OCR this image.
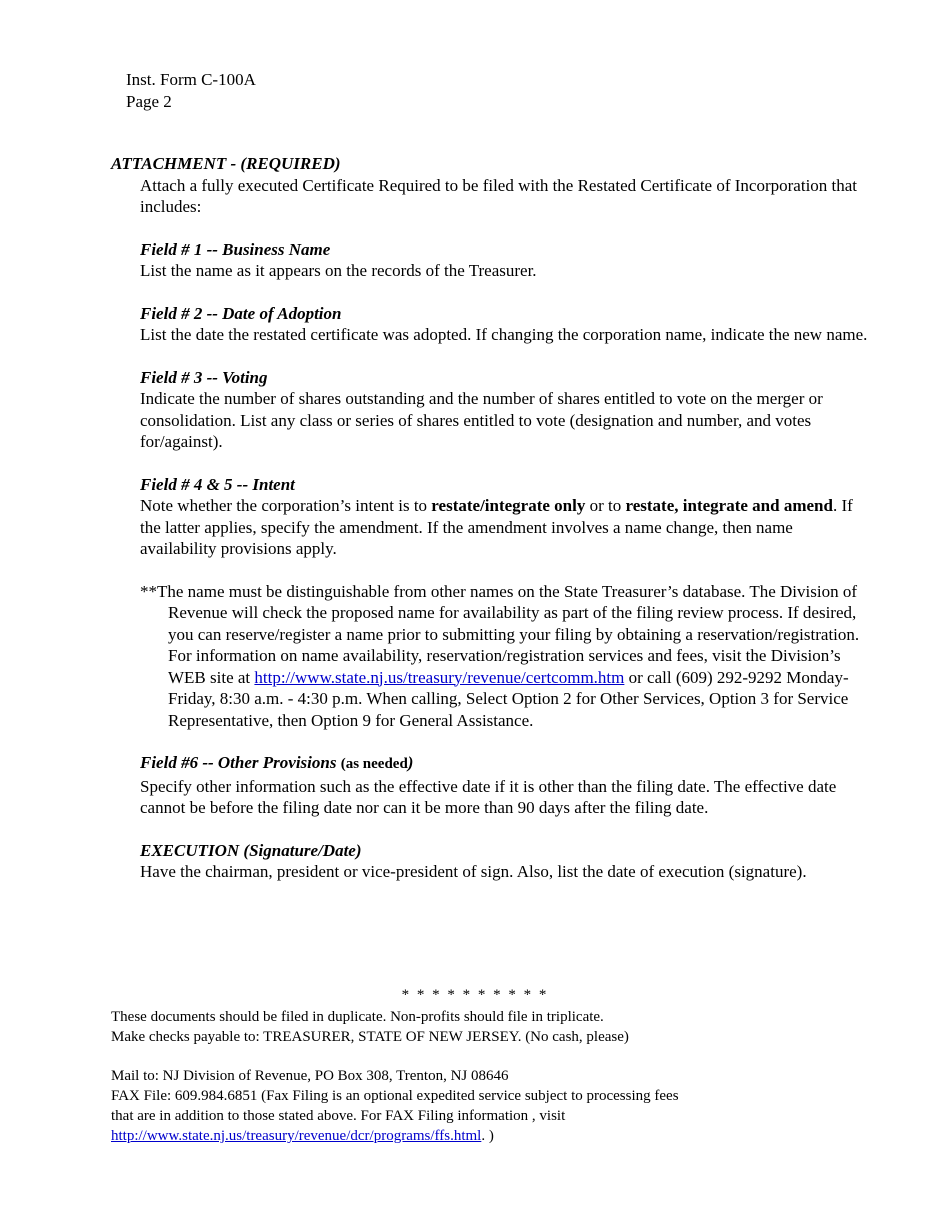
Inst. Form C-100A
Page 2
ATTACHMENT - (REQUIRED)
Attach a fully executed Certificate Required to be filed with the Restated Certificate of Incorporation that includes:
Field # 1 -- Business Name
List the name as it appears on the records of the Treasurer.
Field # 2 -- Date of Adoption
List the date the restated certificate was adopted. If changing the corporation name, indicate the new name.
Field # 3 -- Voting
Indicate the number of shares outstanding and the number of shares entitled to vote on the merger or consolidation. List any class or series of shares entitled to vote (designation and number, and votes for/against).
Field # 4 & 5 -- Intent
Note whether the corporation’s intent is to restate/integrate only or to restate, integrate and amend. If the latter applies, specify the amendment. If the amendment involves a name change, then name availability provisions apply.
**The name must be distinguishable from other names on the State Treasurer’s database. The Division of Revenue will check the proposed name for availability as part of the filing review process. If desired, you can reserve/register a name prior to submitting your filing by obtaining a reservation/registration. For information on name availability, reservation/registration services and fees, visit the Division’s WEB site at http://www.state.nj.us/treasury/revenue/certcomm.htm or call (609) 292-9292 Monday-Friday, 8:30 a.m. - 4:30 p.m. When calling, Select Option 2 for Other Services, Option 3 for Service Representative, then Option 9 for General Assistance.
Field #6 -- Other Provisions (as needed)
Specify other information such as the effective date if it is other than the filing date. The effective date cannot be before the filing date nor can it be more than 90 days after the filing date.
EXECUTION (Signature/Date)
Have the chairman, president or vice-president of sign. Also, list the date of execution (signature).
* * * * * * * * * *
These documents should be filed in duplicate. Non-profits should file in triplicate.
Make checks payable to: TREASURER, STATE OF NEW JERSEY. (No cash, please)
Mail to: NJ Division of Revenue, PO Box 308, Trenton, NJ 08646
FAX File: 609.984.6851 (Fax Filing is an optional expedited service subject to processing fees
that are in addition to those stated above. For FAX Filing information , visit
http://www.state.nj.us/treasury/revenue/dcr/programs/ffs.html. )
